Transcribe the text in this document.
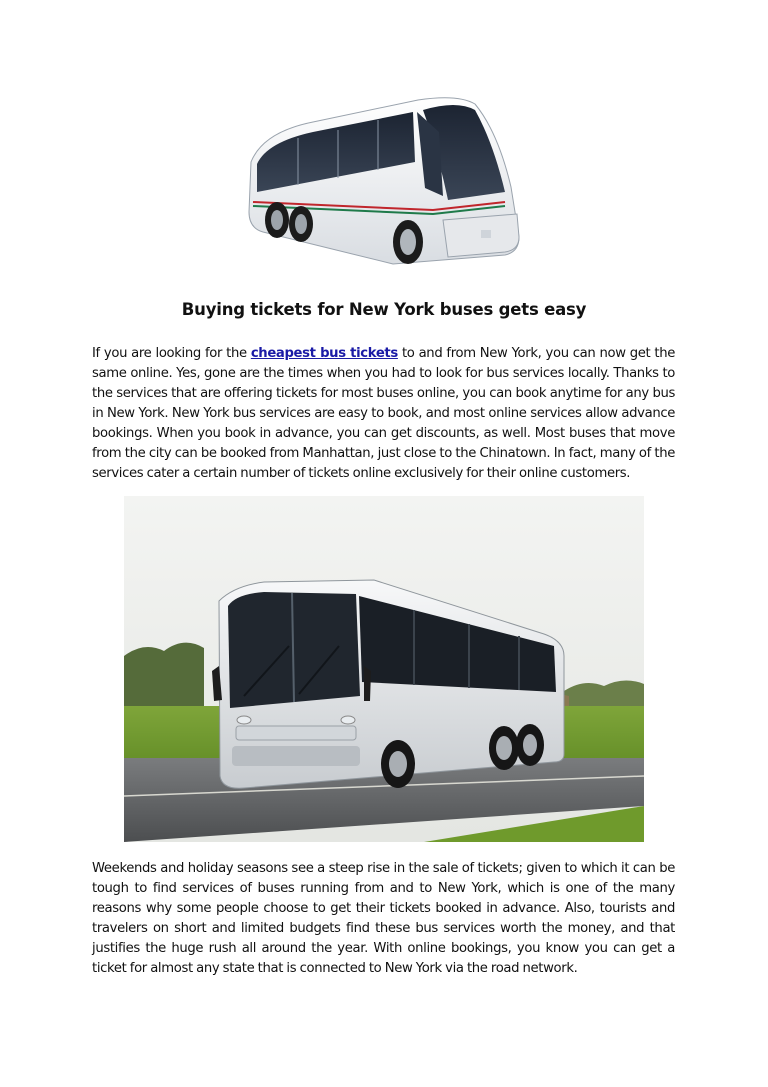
Buying tickets for New York buses gets easy
If you are looking for the cheapest bus tickets to and from New York, you can now get the same online. Yes, gone are the times when you had to look for bus services locally. Thanks to the services that are offering tickets for most buses online, you can book anytime for any bus in New York. New York bus services are easy to book, and most online services allow advance bookings. When you book in advance, you can get discounts, as well. Most buses that move from the city can be booked from Manhattan, just close to the Chinatown. In fact, many of the services cater a certain number of tickets online exclusively for their online customers.
Weekends and holiday seasons see a steep rise in the sale of tickets; given to which it can be tough to find services of buses running from and to New York, which is one of the many reasons why some people choose to get their tickets booked in advance. Also, tourists and travelers on short and limited budgets find these bus services worth the money, and that justifies the huge rush all around the year. With online bookings, you know you can get a ticket for almost any state that is connected to New York via the road network.
